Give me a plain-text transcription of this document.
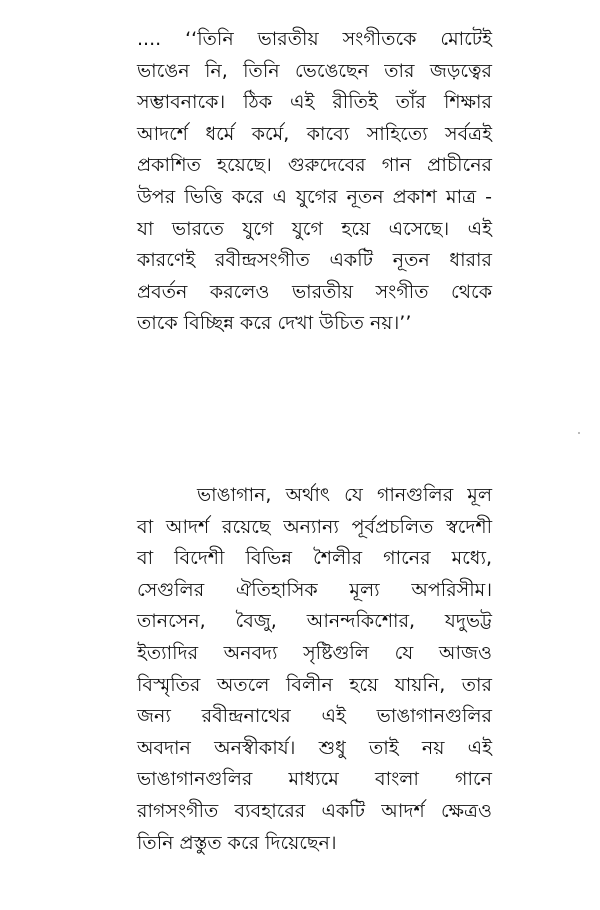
.... ‘‘তিনি ভারতীয় সংগীতকে মোটেই
ভাঙেন নি, তিনি ভেঙেছেন তার জড়ত্বের
সম্ভাবনাকে। ঠিক এই রীতিই তাঁর শিক্ষার
আদর্শে ধর্মে কর্মে, কাব্যে সাহিত্যে সর্বত্রই
প্রকাশিত হয়েছে। গুরুদেবের গান প্রাচীনের
উপর ভিত্তি করে এ যুগের নূতন প্রকাশ মাত্র -
যা ভারতে যুগে যুগে হয়ে এসেছে। এই
কারণেই রবীন্দ্রসংগীত একটি নূতন ধারার
প্রবর্তন করলেও ভারতীয় সংগীত থেকে
তাকে বিচ্ছিন্ন করে দেখা উচিত নয়।’’
ভাঙাগান, অর্থাৎ যে গানগুলির মূল
বা আদর্শ রয়েছে অন্যান্য পূর্বপ্রচলিত স্বদেশী
বা বিদেশী বিভিন্ন শৈলীর গানের মধ্যে,
সেগুলির ঐতিহাসিক মূল্য অপরিসীম।
তানসেন, বৈজু, আনন্দকিশোর, যদুভট্ট
ইত্যাদির অনবদ্য সৃষ্টিগুলি যে আজও
বিস্মৃতির অতলে বিলীন হয়ে যায়নি, তার
জন্য রবীন্দ্রনাথের এই ভাঙাগানগুলির
অবদান অনস্বীকার্য। শুধু তাই নয় এই
ভাঙাগানগুলির মাধ্যমে বাংলা গানে
রাগসংগীত ব্যবহারের একটি আদর্শ ক্ষেত্রও
তিনি প্রস্তুত করে দিয়েছেন।
